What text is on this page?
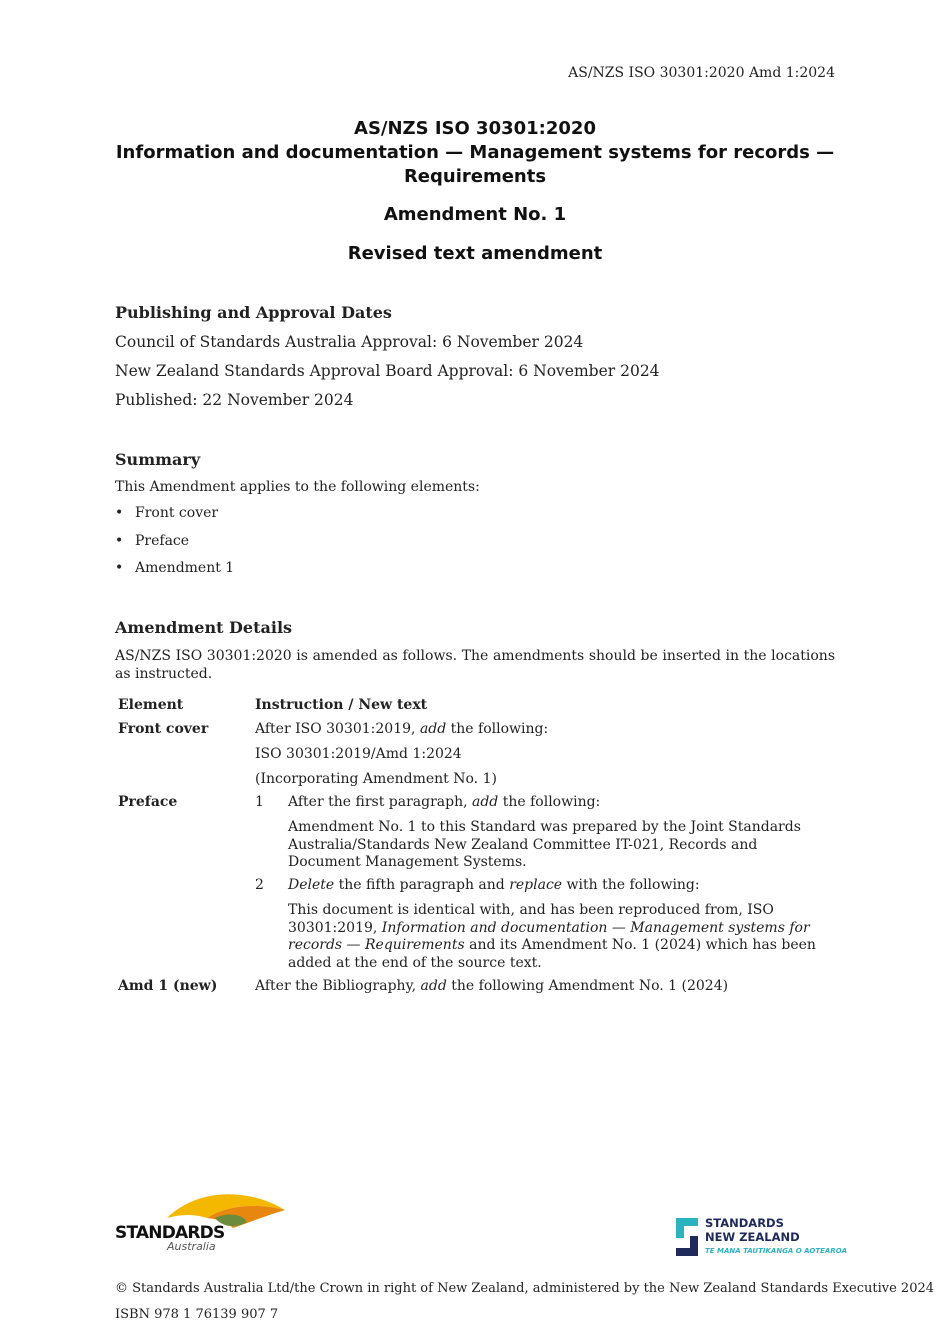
AS/NZS ISO 30301:2020 Amd 1:2024
AS/NZS ISO 30301:2020
Information and documentation — Management systems for records —
Requirements
Amendment No. 1
Revised text amendment
Publishing and Approval Dates
Council of Standards Australia Approval: 6 November 2024
New Zealand Standards Approval Board Approval: 6 November 2024
Published: 22 November 2024
Summary
This Amendment applies to the following elements:
• Front cover
• Preface
• Amendment 1
Amendment Details
AS/NZS ISO 30301:2020 is amended as follows. The amendments should be inserted in the locations as instructed.
Element	Instruction / New text
Front cover	After ISO 30301:2019, add the following:
ISO 30301:2019/Amd 1:2024
(Incorporating Amendment No. 1)
Preface	1 After the first paragraph, add the following:
Amendment No. 1 to this Standard was prepared by the Joint Standards Australia/Standards New Zealand Committee IT-021, Records and Document Management Systems.
2 Delete the fifth paragraph and replace with the following:
This document is identical with, and has been reproduced from, ISO 30301:2019, Information and documentation — Management systems for records — Requirements and its Amendment No. 1 (2024) which has been added at the end of the source text.
Amd 1 (new)	After the Bibliography, add the following Amendment No. 1 (2024)
STANDARDS
Australia
STANDARDS
NEW ZEALAND
TE MANA TAUTIKANGA O AOTEAROA
© Standards Australia Ltd/the Crown in right of New Zealand, administered by the New Zealand Standards Executive 2024
ISBN 978 1 76139 907 7
